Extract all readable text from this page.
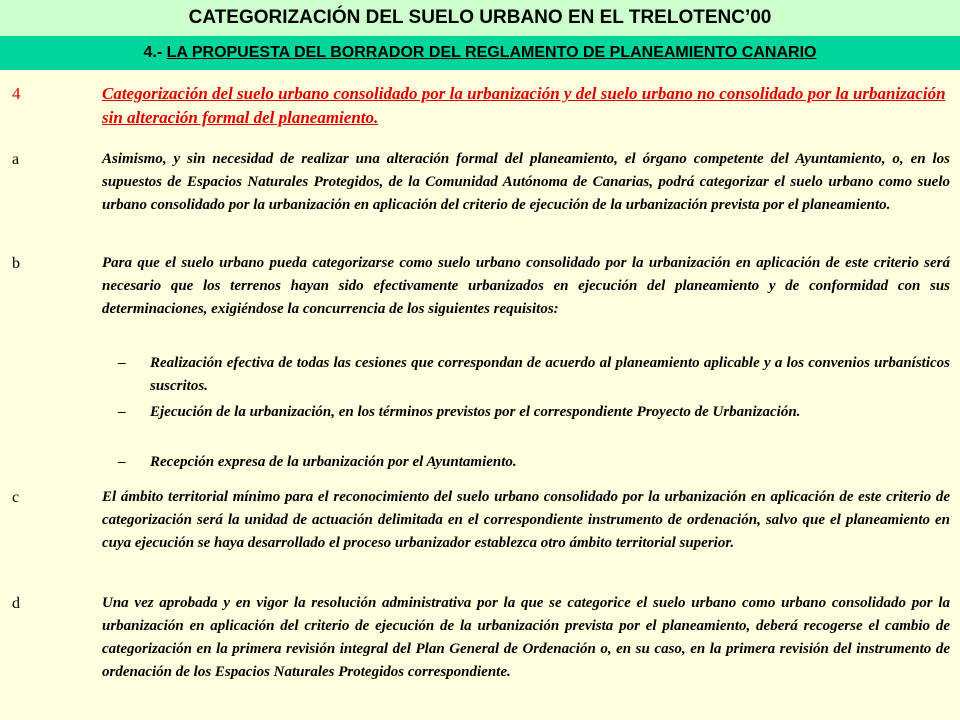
CATEGORIZACIÓN DEL SUELO URBANO EN EL TRELOTENC’00
4.-
LA PROPUESTA DEL BORRADOR DEL REGLAMENTO DE PLANEAMIENTO CANARIO
4	Categorización del suelo urbano consolidado por la urbanización y del suelo urbano no consolidado por la urbanización sin alteración formal del planeamiento.

a	Asimismo, y sin necesidad de realizar una alteración formal del planeamiento, el órgano competente del Ayuntamiento, o, en los supuestos de Espacios Naturales Protegidos, de la Comunidad Autónoma de Canarias, podrá categorizar el suelo urbano como suelo urbano consolidado por la urbanización en aplicación del criterio de ejecución de la urbanización prevista por el planeamiento.

b	Para que el suelo urbano pueda categorizarse como suelo urbano consolidado por la urbanización en aplicación de este criterio será necesario que los terrenos hayan sido efectivamente urbanizados en ejecución del planeamiento y de conformidad con sus determinaciones, exigiéndose la concurrencia de los siguientes requisitos:

– Realización efectiva de todas las cesiones que correspondan de acuerdo al planeamiento aplicable y a los convenios urbanísticos suscritos.
– Ejecución de la urbanización, en los términos previstos por el correspondiente Proyecto de Urbanización.
– Recepción expresa de la urbanización por el Ayuntamiento.
c	El ámbito territorial mínimo para el reconocimiento del suelo urbano consolidado por la urbanización en aplicación de este criterio de categorización será la unidad de actuación delimitada en el correspondiente instrumento de ordenación, salvo que el planeamiento en cuya ejecución se haya desarrollado el proceso urbanizador establezca otro ámbito territorial superior.

d	Una vez aprobada y en vigor la resolución administrativa por la que se categorice el suelo urbano como urbano consolidado por la urbanización en aplicación del criterio de ejecución de la urbanización prevista por el planeamiento, deberá recogerse el cambio de categorización en la primera revisión integral del Plan General de Ordenación o, en su caso, en la primera revisión del instrumento de ordenación de los Espacios Naturales Protegidos correspondiente.
